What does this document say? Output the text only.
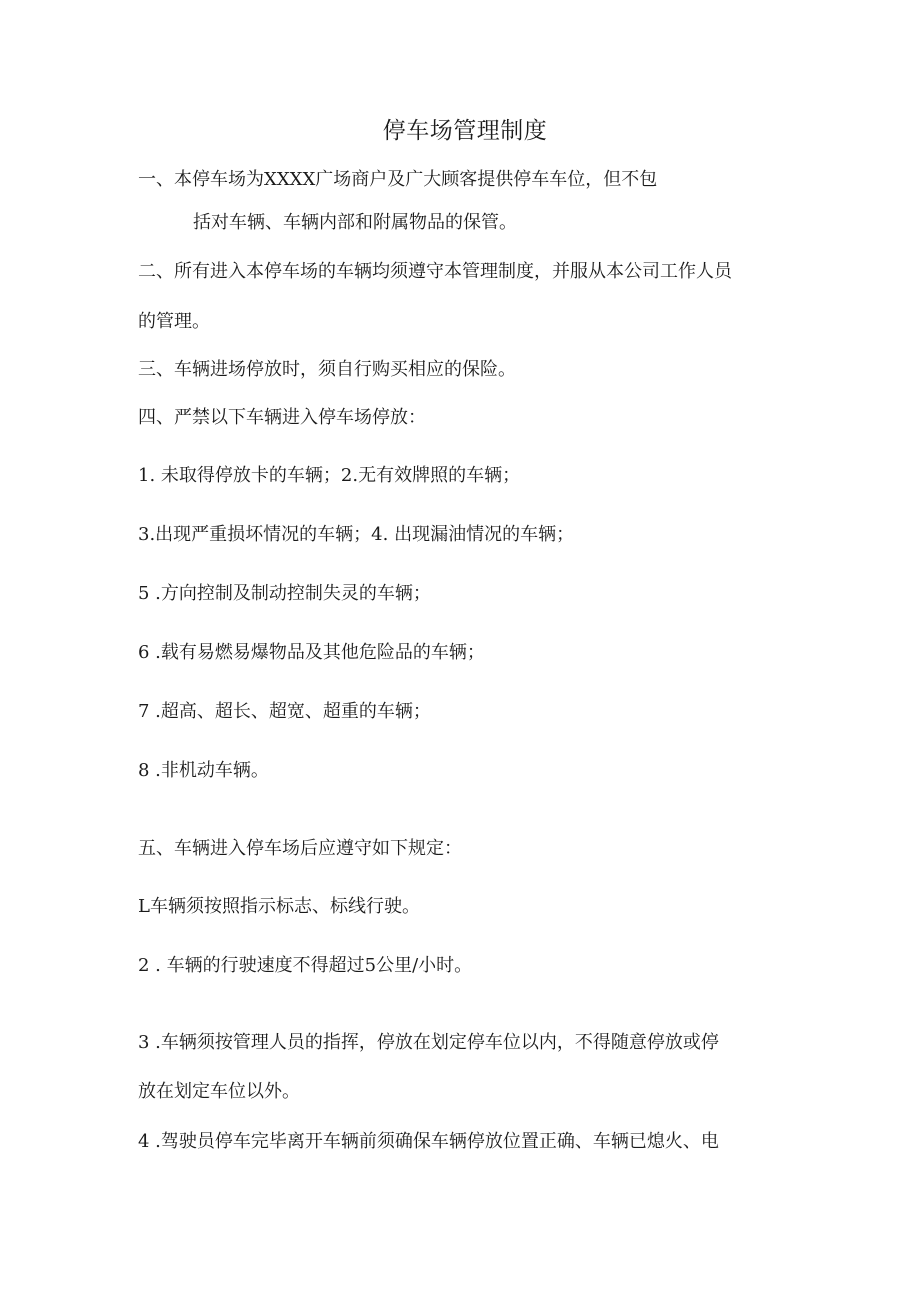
停车场管理制度
一、本停车场为XXXX广场商户及广大顾客提供停车车位，但不包
括对车辆、车辆内部和附属物品的保管。
二、所有进入本停车场的车辆均须遵守本管理制度，并服从本公司工作人员
的管理。
三、车辆进场停放时，须自行购买相应的保险。
四、严禁以下车辆进入停车场停放：
1. 未取得停放卡的车辆；2.无有效牌照的车辆；
3.出现严重损坏情况的车辆；4. 出现漏油情况的车辆；
5 .方向控制及制动控制失灵的车辆；
6 .载有易燃易爆物品及其他危险品的车辆；
7 .超高、超长、超宽、超重的车辆；
8 .非机动车辆。
五、车辆进入停车场后应遵守如下规定：
L车辆须按照指示标志、标线行驶。
2 . 车辆的行驶速度不得超过5公里/小时。
3 .车辆须按管理人员的指挥，停放在划定停车位以内，不得随意停放或停
放在划定车位以外。
4 .驾驶员停车完毕离开车辆前须确保车辆停放位置正确、车辆已熄火、电
